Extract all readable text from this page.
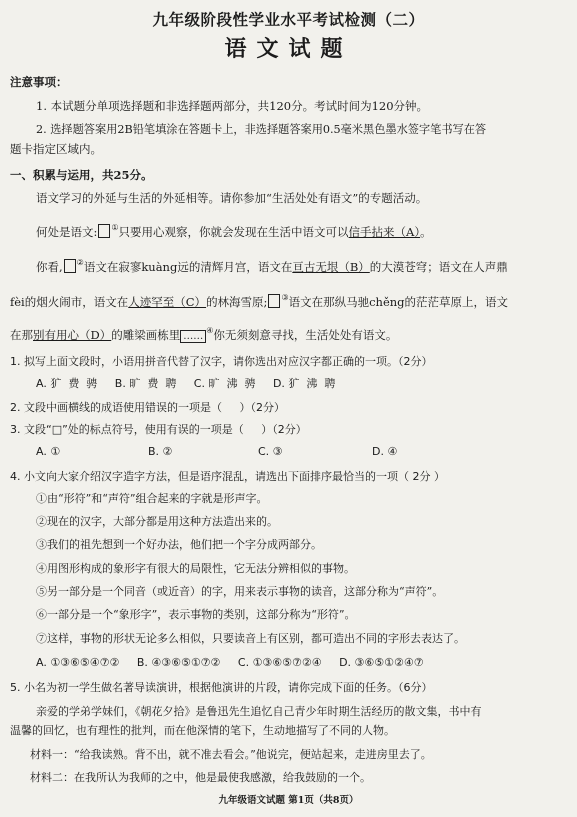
九年级阶段性学业水平考试检测（二）
语文试题
注意事项：
1. 本试题分单项选择题和非选择题两部分，共120分。考试时间为120分钟。
2. 选择题答案用2B铅笔填涂在答题卡上，非选择题答案用0.5毫米黑色墨水签字笔书写在答
题卡指定区域内。
一、积累与运用，共25分。
语文学习的外延与生活的外延相等。请你参加“生活处处有语文”的专题活动。
何处是语文: ①只要用心观察，你就会发现在生活中语文可以信手拈来（A）。
你看, ②语文在寂寥kuàng远的清辉月宫，语文在亘古无垠（B）的大漠苍穹；语文在人声鼎
fèi的烟火闹市，语文在人迹罕至（C）的林海雪原; ③语文在那纵马驰chěng的茫茫草原上，语文
在那别有用心（D）的雕梁画栋里 ……④你无须刻意寻找，生活处处有语文。
1. 拟写上面文段时，小语用拼音代替了汉字，请你选出对应汉字都正确的一项。（2分）
A. 犷  费  骋     B. 旷  费  聘     C. 旷  沸  骋     D. 犷  沸  聘
2. 文段中画横线的成语使用错误的一项是（     ）（2分）
3. 文段“□”处的标点符号，使用有误的一项是（     ）（2分）
A. ①	B. ②	C. ③	D. ④
4. 小文向大家介绍汉字造字方法，但是语序混乱，请选出下面排序最恰当的一项（ 2分 ）
①由“形符”和“声符”组合起来的字就是形声字。
②现在的汉字，大部分都是用这种方法造出来的。
③我们的祖先想到一个好办法，他们把一个字分成两部分。
④用图形构成的象形字有很大的局限性，它无法分辨相似的事物。
⑤另一部分是一个同音（或近音）的字，用来表示事物的读音，这部分称为“声符”。
⑥一部分是一个“象形字”，表示事物的类别，这部分称为“形符”。
⑦这样，事物的形状无论多么相似，只要读音上有区别，都可造出不同的字形去表达了。
A. ①③⑥⑤④⑦②     B. ④③⑥⑤①⑦②     C. ①③⑥⑤⑦②④     D. ③⑥⑤①②④⑦
5. 小名为初一学生做名著导读演讲，根据他演讲的片段，请你完成下面的任务。（6分）
亲爱的学弟学妹们，《朝花夕拾》是鲁迅先生追忆自己青少年时期生活经历的散文集，书中有
温馨的回忆，也有理性的批判，而在他深情的笔下，生动地描写了不同的人物。
材料一：“给我读熟。背不出，就不准去看会。”他说完，便站起来，走进房里去了。
材料二：在我所认为我师的之中，他是最使我感激，给我鼓励的一个。
九年级语文试题 第1页（共8页）
